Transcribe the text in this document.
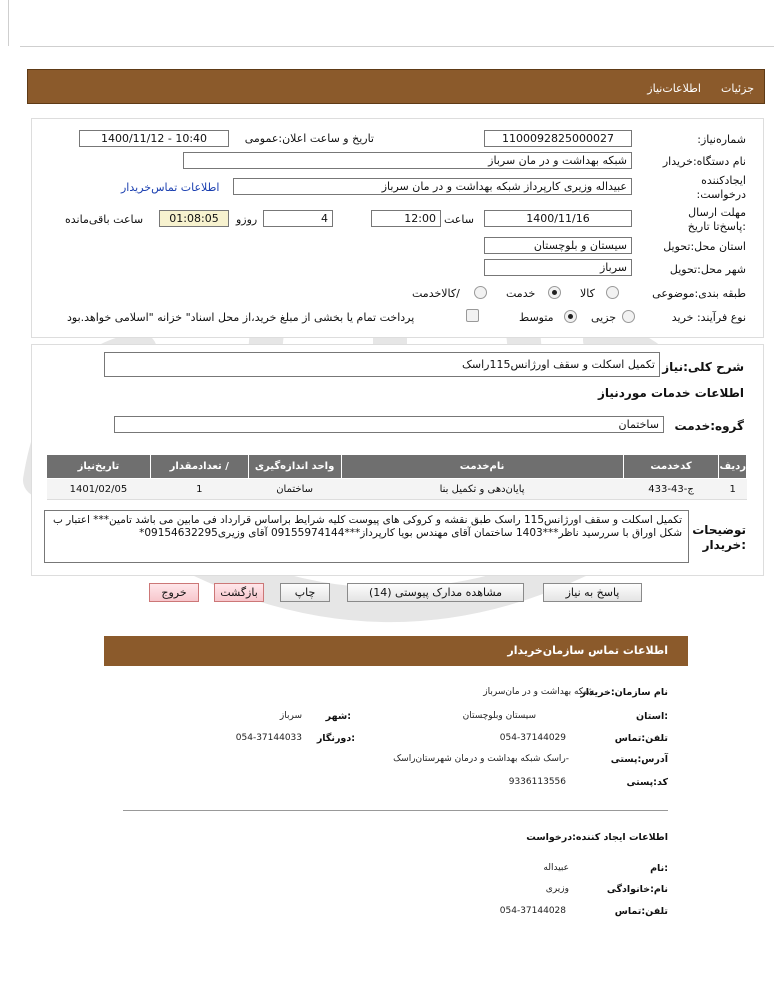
جزئیات
اطلاعات‌نیاز
شماره‌نیاز:
1100092825000027
تاریخ و ساعت اعلان:عمومی
1400/11/12 - 10:40
نام دستگاه:خریدار
شبکه بهداشت و در مان سرباز
ایجادکننده درخواست:
عبیداله وزیری کارپرداز شبکه بهداشت و در مان سرباز
اطلاعات تماس‌خریدار
مهلت ارسال :پاسخ‌تا تاریخ
1400/11/16
ساعت
12:00
4
روزو
01:08:05
ساعت باقی‌مانده
استان محل:تحویل
سیستان و بلوچستان
شهر محل:تحویل
سرباز
طبقه بندی:موضوعی
کالا
خدمت
/کالاخدمت
نوع فرآیند: خرید
جزیی
متوسط
پرداخت تمام یا بخشی از مبلغ خرید،از محل اسناد" خزانه "اسلامی خواهد.بود
شرح کلی:نیاز
تکمیل اسکلت و سقف اورژانس115راسک
اطلاعات خدمات موردنیاز
گروه:خدمت
ساختمان
ردیف	کدخدمت	نام‌خدمت	واحد اندازه‌گیری	/ تعدادمقدار	تاریخ‌نیاز
1	ج-43-433	پایان‌دهی و تکمیل بنا	ساختمان	1	1401/02/05
توضیحات :خریدار
تکمیل اسکلت و سقف اورژانس115 راسک طبق نقشه و کروکی های پیوست کلیه شرایط براساس قرارداد فی مابین می باشد تامین*** اعتبار ب شکل اوراق با سررسید ناظر***1403 ساختمان آقای مهندس بویا کارپرداز***09155974144 آقای وزیری09154632295*
پاسخ به نیاز
مشاهده مدارک پیوستی (14)
چاپ
بازگشت
خروج
اطلاعات تماس سازمان‌خریدار
نام سازمان:خریدار
شبکه بهداشت و در مان‌سرباز
:استان
سیستان وبلوچستان
:شهر
سرباز
تلفن:تماس
054-37144029
:دورنگار
054-37144033
آدرس:پستی
-راسک شبکه بهداشت و درمان شهرستان‌راسک
کد:پستی
9336113556
اطلاعات ایجاد کننده:درخواست
:نام
عبیداله
نام:خانوادگی
وزیری
تلفن:تماس
054-37144028
